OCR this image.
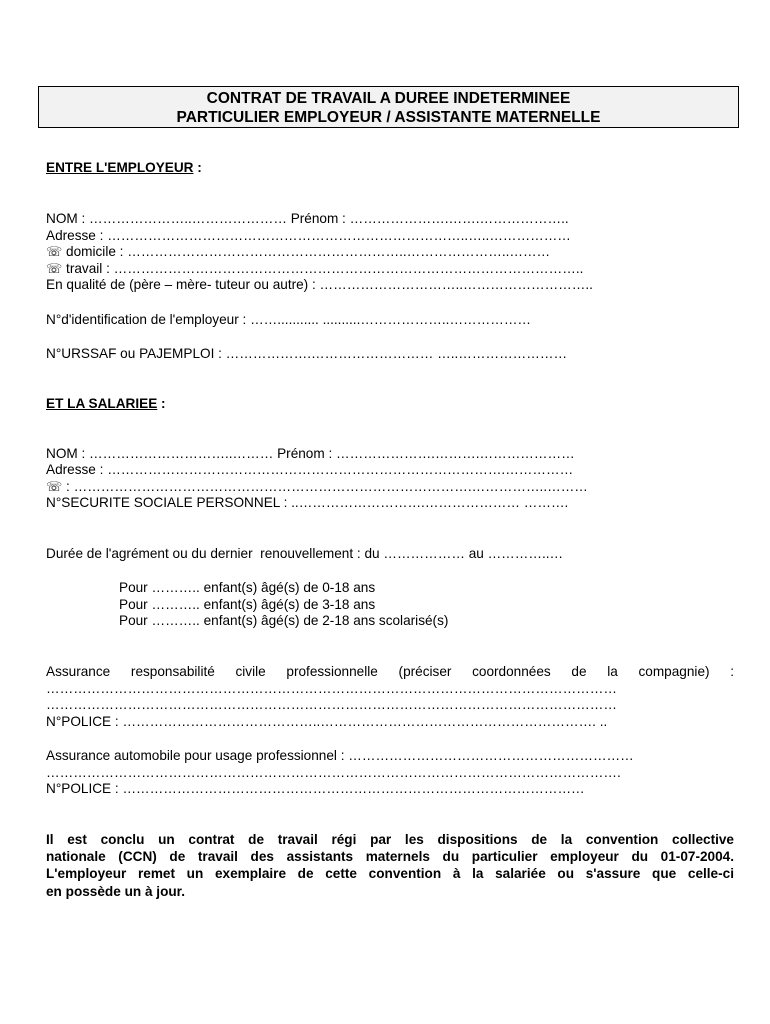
CONTRAT DE TRAVAIL A DUREE INDETERMINEE
PARTICULIER EMPLOYEUR / ASSISTANTE MATERNELLE
ENTRE L'EMPLOYEUR :
NOM : …………………..………………… Prénom : ………………….…….………………..
Adresse : ……………………………………………………………………..…..………………
☏ domicile : ……………………………………………………..…………………..………
☏ travail : …………………………………………………………………………………………..
En qualité de (père – mère- tuteur ou autre) : …………………………..………………………..
N°d'identification de l'employeur : ……........... ..........………………..………………
N°URSSAF ou PAJEMPLOI : ……………….……………………… …..……………………
ET LA SALARIEE :
NOM : …………………………..……… Prénom : ………………….……….…………………
Adresse : …………………………………………………………………………….……………
☏ : …………………………………………………………………………….……………..………
N°SECURITE SOCIALE PERSONNEL : ..……………………….………………… ……….
Durée de l'agrément ou du dernier  renouvellement : du ……………… au …………..…
Pour ……….. enfant(s) âgé(s) de 0-18 ans
Pour ……….. enfant(s) âgé(s) de 3-18 ans
Pour ……….. enfant(s) âgé(s) de 2-18 ans scolarisé(s)
Assurance responsabilité civile professionnelle (préciser coordonnées de la compagnie) :
………………………………………………………………………………………………………………
………………………………………………………………………………………………………………
N°POLICE : ……………………………………..……………………………………………………. ..
Assurance automobile pour usage professionnel : ………………………………………………………
……………………………………………………………………………………………………………….
N°POLICE : …………………………………………………………………………………………
Il est conclu un contrat de travail régi par les dispositions de la convention collective
nationale (CCN) de travail des assistants maternels du particulier employeur du 01-07-2004.
L'employeur remet un exemplaire de cette convention à la salariée ou s'assure que celle-ci
en possède un à jour.
